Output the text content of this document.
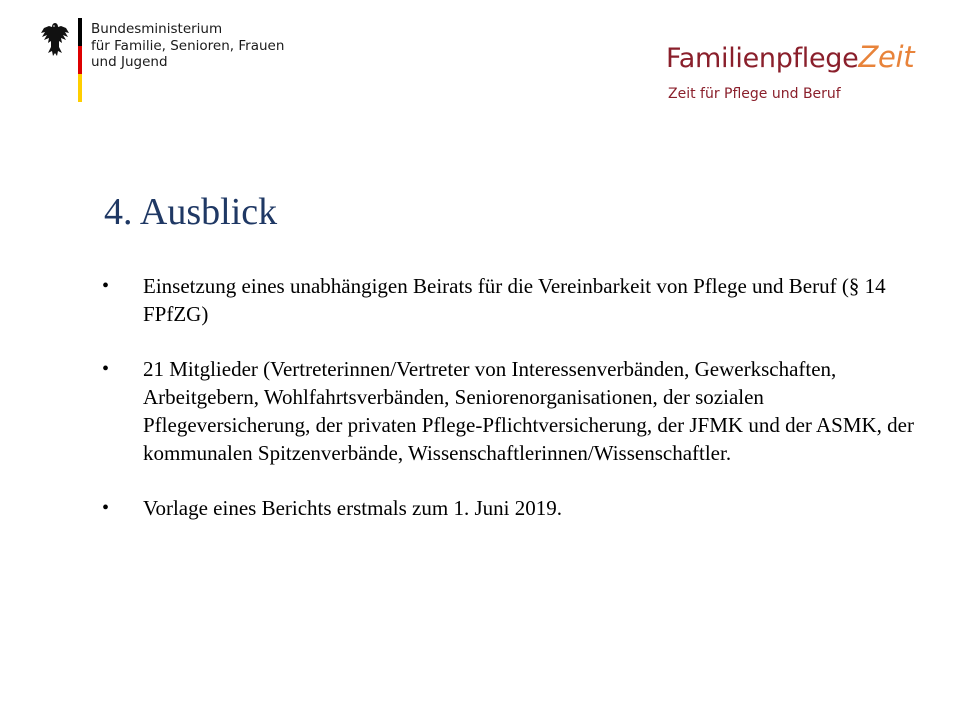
Bundesministerium
für Familie, Senioren, Frauen
und Jugend	FamilienpflegeZeit
Zeit für Pflege und Beruf
4. Ausblick
•	Einsetzung eines unabhängigen Beirats für die Vereinbarkeit von Pflege und Beruf (§ 14 FPfZG)
•	21 Mitglieder (Vertreterinnen/Vertreter von Interessenverbänden, Gewerkschaften, Arbeitgebern, Wohlfahrtsverbänden, Seniorenorganisationen, der sozialen Pflegeversicherung, der privaten Pflege-Pflichtversicherung, der JFMK und der ASMK, der kommunalen Spitzenverbände, Wissenschaftlerinnen/Wissenschaftler.
•	Vorlage eines Berichts erstmals zum 1. Juni 2019.
